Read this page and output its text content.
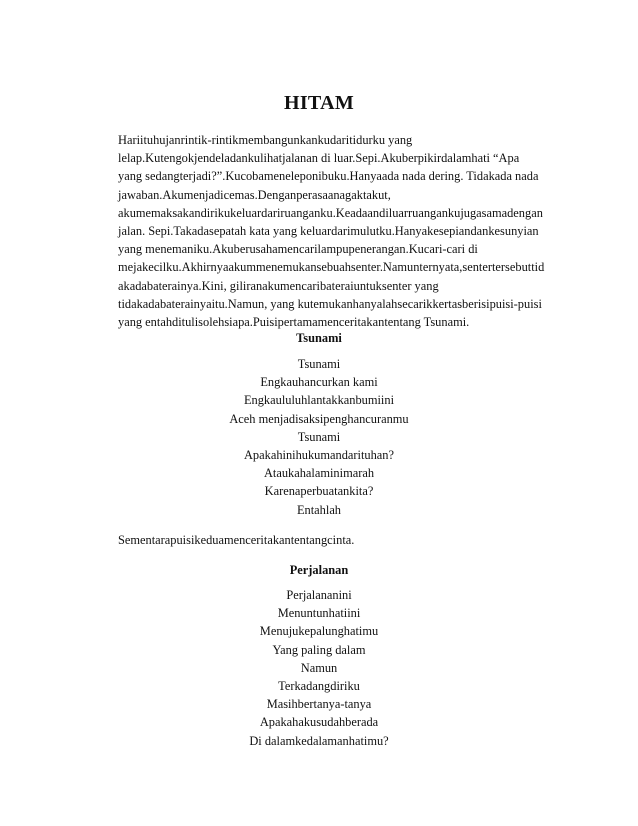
HITAM

Hariituhujanrintik-rintikmembangunkankudaritidurku yang
lelap.Kutengokjendeladankulihatjalanan di luar.Sepi.Akuberpikirdalamhati “Apa
yang sedangterjadi?”.Kucobameneleponibuku.Hanyaada nada dering. Tidakada nada
jawaban.Akumenjadicemas.Denganperasaanagaktakut,
akumemaksakandirikukeluardariruanganku.Keadaandiluarruangankujugasamadengan
jalan. Sepi.Takadasepatah kata yang keluardarimulutku.Hanyakesepiandankesunyian
yang menemaniku.Akuberusahamencarilampupenerangan.Kucari-cari di
mejakecilku.Akhirnyaakummenemukansebuahsenter.Namunternyata,sentertersebuttid
akadabaterainya.Kini, giliranakumencaribateraiuntuksenter yang
tidakadabaterainyaitu.Namun, yang kutemukanhanyalahsecarikkertasberisipuisi-puisi
yang entahditulisolehsiapa.Puisipertamamenceritakantentang Tsunami.

Tsunami
Tsunami
Engkauhancurkan kami
Engkaululuhlantakkanbumiini
Aceh menjadisaksipenghancuranmu
Tsunami
Apakahinihukumandarituhan?
Ataukahalaminimarah
Karenaperbuatankita?
Entahlah
Sementarapuisikeduamenceritakantentangcinta.
Perjalanan
Perjalananini
Menuntunhatiini
Menujukepalunghatimu
Yang paling dalam
Namun
Terkadangdiriku
Masihbertanya-tanya
Apakahakusudahberada
Di dalamkedalamanhatimu?
